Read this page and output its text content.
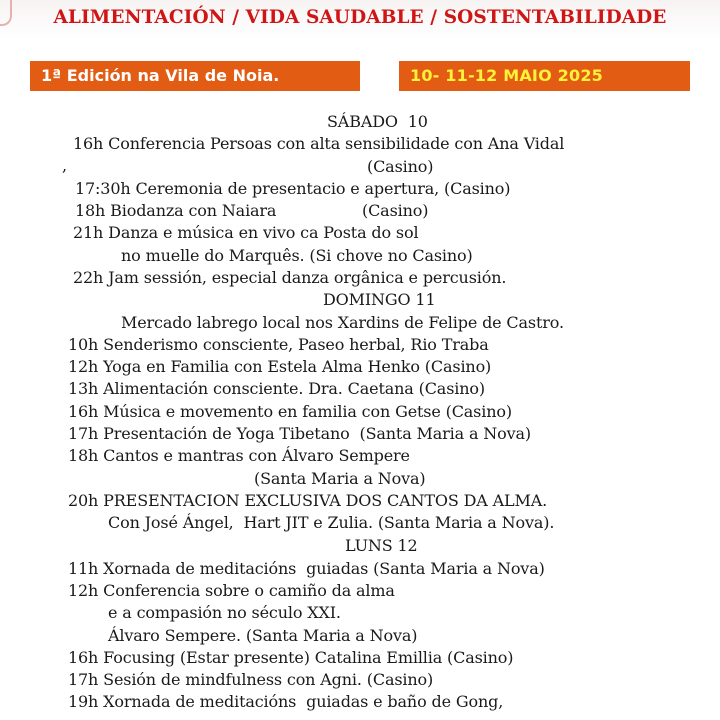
ALIMENTACIÓN / VIDA SAUDABLE / SOSTENTABILIDADE
1ª Edición na Vila de Noia.	10- 11-12 MAIO 2025
SÁBADO  10
16h Conferencia Persoas con alta sensibilidade con Ana Vidal
,	(Casino)
17:30h Ceremonia de presentacio e apertura, (Casino)
18h Biodanza con Naiara	(Casino)
21h Danza e música en vivo ca Posta do sol
no muelle do Marquês. (Si chove no Casino)
22h Jam sessión, especial danza orgânica e percusión.
DOMINGO 11
Mercado labrego local nos Xardins de Felipe de Castro.
10h Senderismo consciente, Paseo herbal, Rio Traba
12h Yoga en Familia con Estela Alma Henko (Casino)
13h Alimentación consciente. Dra. Caetana (Casino)
16h Música e movemento en familia con Getse (Casino)
17h Presentación de Yoga Tibetano  (Santa Maria a Nova)
18h Cantos e mantras con Álvaro Sempere
(Santa Maria a Nova)
20h PRESENTACION EXCLUSIVA DOS CANTOS DA ALMA.
Con José Ángel,  Hart JIT e Zulia. (Santa Maria a Nova).
LUNS 12
11h Xornada de meditacións  guiadas (Santa Maria a Nova)
12h Conferencia sobre o camiño da alma
e a compasión no século XXI.
Álvaro Sempere. (Santa Maria a Nova)
16h Focusing (Estar presente) Catalina Emillia (Casino)
17h Sesión de mindfulness con Agni. (Casino)
19h Xornada de meditacións  guiadas e baño de Gong,
